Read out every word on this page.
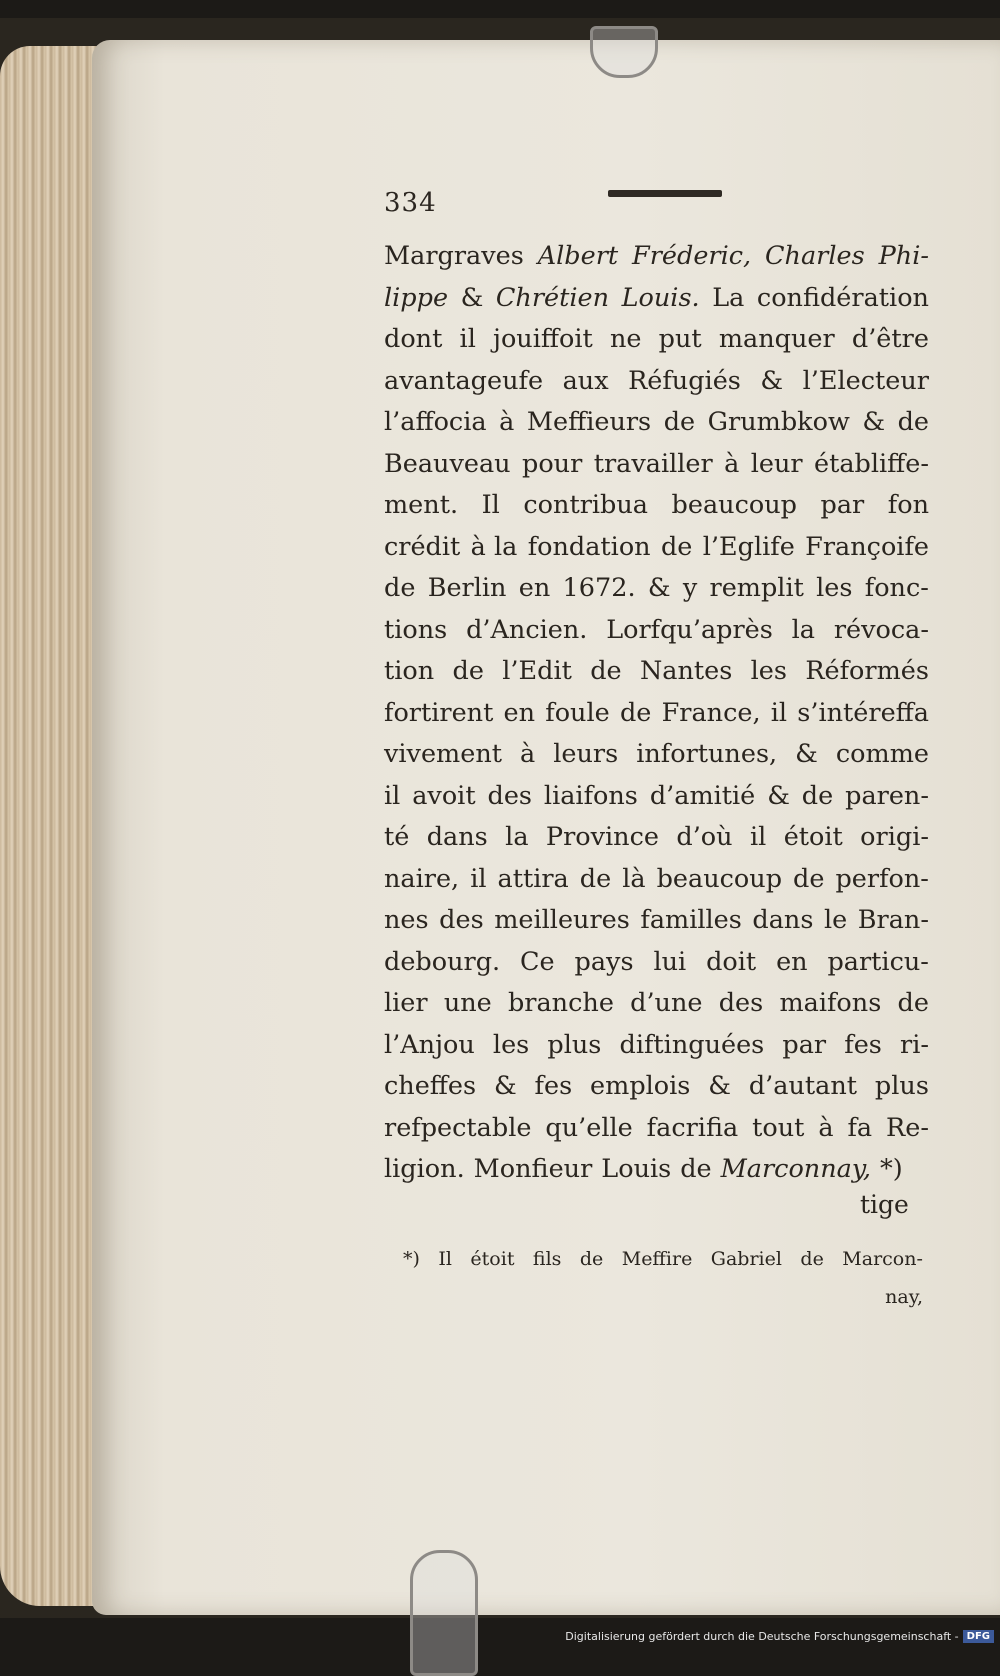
334
Margraves Albert Fréderic, Charles Phi-
lippe & Chrétien Louis. La confidération
dont il jouiffoit ne put manquer d’être
avantageufe aux Réfugiés & l’Electeur
l’affocia à Meffieurs de Grumbkow & de
Beauveau pour travailler à leur établiffe-
ment. Il contribua beaucoup par fon
crédit à la fondation de l’Eglife Françoife
de Berlin en 1672. & y remplit les fonc-
tions d’Ancien. Lorfqu’après la révoca-
tion de l’Edit de Nantes les Réformés
fortirent en foule de France, il s’intéreffa
vivement à leurs infortunes, & comme
il avoit des liaifons d’amitié & de paren-
té dans la Province d’où il étoit origi-
naire, il attira de là beaucoup de perfon-
nes des meilleures familles dans le Bran-
debourg. Ce pays lui doit en particu-
lier une branche d’une des maifons de
l’Anjou les plus diftinguées par fes ri-
cheffes & fes emplois & d’autant plus
refpectable qu’elle facrifia tout à fa Re-
ligion. Monfieur Louis de Marconnay, *)
tige
*) Il étoit fils de Meffire Gabriel de Marcon-
nay,
Digitalisierung gefördert durch die Deutsche Forschungsgemeinschaft - DFG
